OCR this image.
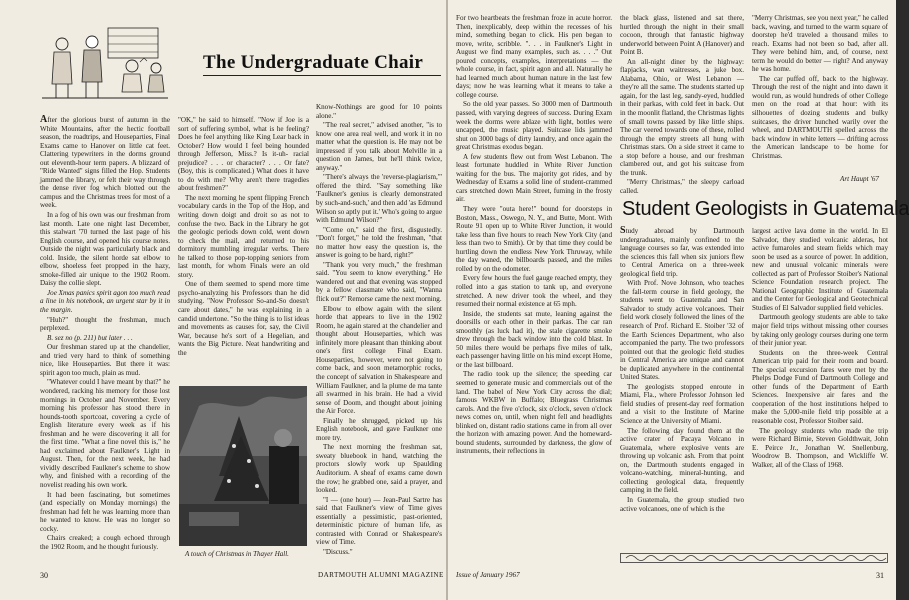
The Undergraduate Chair

After the glorious burst of autumn in the White Mountains, after the hectic football season, the roadtrips, and Houseparties, Final Exams came to Hanover on little cat feet. Clattering typewriters in the dorms ground out eleventh-hour term papers. A blizzard of "Ride Wanted" signs filled the Hop. Students jammed the library, or felt their way through the dense river fog which blotted out the campus and the Christmas trees for most of a week.

In a fog of his own was our freshman from last month. Late one night last December, this stalwart '70 turned the last page of his English course, and opened his course notes. Outside the night was particularly black and cold. Inside, the silent horde sat elbow to elbow, shoeless feet propped in the hazy, smoke-filled air unique to the 1902 Room. Daisy the collie slept.

Joe Xmas panics spirit agon too much read a line in his notebook, an urgent star by it in the margin.

"Huh?" thought the freshman, much perplexed.

B. sez no (p. 211) but later . . .

Our freshman stared up at the chandelier, and tried very hard to think of something nice, like Houseparties. But there it was: spirit agon too much, plain as mud.

"Whatever could I have meant by that?" he wondered, racking his memory for those lost mornings in October and November. Every morning his professor has stood there in hounds-tooth sportcoat, covering a cycle of English literature every week as if his freshman and he were discovering it all for the first time. "What a fine novel this is," he had exclaimed about Faulkner's Light in August. Then, for the next week, he had vividly described Faulkner's scheme to show why, and finished with a recording of the novelist reading his own work.

It had been fascinating, but sometimes (and especially on Monday mornings) the freshman had felt he was learning more than he wanted to know. He was no longer so cocky.

Chairs creaked; a cough echoed through the 1902 Room, and he thought furiously.

"OK," he said to himself. "Now if Joe is a sort of suffering symbol, what is he feeling? Does he feel anything like King Lear back in October? How would I feel being hounded through Jefferson, Miss.? Is it-uh- racial prejudice? . . . or character? . . . Or fate? (Boy, this is complicated.) What does it have to do with me? Why aren't there tragedies about freshmen?"

The next morning he spent flipping French vocabulary cards in the Top of the Hop, and writing down doigt and droit so as not to confuse the two. Back in the Library he got the geologic periods down cold, went down to check the mail, and returned to his dormitory mumbling irregular verbs. There he talked to those pop-topping seniors from last month, for whom Finals were an old story.

One of them seemed to spend more time psycho-analyzing his Professors than he did studying. "Now Professor So-and-So doesn't care about dates," he was explaining in a candid undertone. "So the thing is to list ideas and movements as causes for, say, the Civil War, because he's sort of a Hegelian, and wants the Big Picture. Neat handwriting and the

A touch of Christmas in Thayer Hall.

Know-Nothings are good for 10 points alone."

"The real secret," advised another, "is to know one area real well, and work it in no matter what the question is. He may not be impressed if you talk about Melville in a question on James, but he'll think twice, anyway."

"There's always the 'reverse-plagiarism,'" offered the third. "Say something like 'Faulkner's genius is clearly demonstrated by such-and-such,' and then add 'as Edmund Wilson so aptly put it.' Who's going to argue with Edmund Wilson?"

"Come on," said the first, disgustedly. "Don't forget," he told the freshman, "that no matter how easy the question is, the answer is going to be hard, right?"

"Thank you very much," the freshman said. "You seem to know everything." He wandered out and that evening was stopped by a fellow classmate who said, "Wanna flick out?" Remorse came the next morning.

Elbow to elbow again with the silent horde that appears to live in the 1902 Room, he again stared at the chandelier and thought about Houseparties, which was infinitely more pleasant than thinking about one's first college Final Exam. Houseparties, however, were not going to come back, and soon metamorphic rocks, the concept of salvation in Shakespeare and William Faulkner, and la plume de ma tante all swarmed in his brain. He had a vivid sense of Doom, and thought about joining the Air Force.

Finally he shrugged, picked up his English notebook, and gave Faulkner one more try.

The next morning the freshman sat, sweaty bluebook in hand, watching the proctors slowly work up Spaulding Auditorium. A sheaf of exams came down the row; he grabbed one, said a prayer, and looked.

"I — (one hour) — Jean-Paul Sartre has said that Faulkner's view of Time gives essentially a pessimistic, past-oriented, deterministic picture of human life, as contrasted with Conrad or Shakespeare's view of Time.

"Discuss."

30	DARTMOUTH ALUMNI MAGAZINE

For two heartbeats the freshman froze in acute horror. Then, inexplicably, deep within the recesses of his mind, something began to click. His pen began to move, write, scribble. ". . . in Faulkner's Light in August we find many examples, such as. . . ." Out poured concepts, examples, interpretations — the whole course, in fact, spirit agon and all. Naturally he had learned much about human nature in the last few days; now he was learning what it means to take a college course.

So the old year passes. So 3000 men of Dartmouth passed, with varying degrees of success. During Exam week the dorms were ablaze with light, bottles were uncapped, the music played. Suitcase lids jammed shut on 3000 bags of dirty laundry, and once again the great Christmas exodus began.

A few students flew out from West Lebanon. The least fortunate huddled in White River Junction waiting for the bus. The majority got rides, and by Wednesday of Exams a solid line of student-crammed cars stretched down Main Street, fuming in the frosty air.

They were "outa here!" bound for doorsteps in Boston, Mass., Oswego, N. Y., and Butte, Mont. With Route 91 open up to White River Junction, it would take less than five hours to reach New York City (and less than two to Smith). Or by that time they could be hurtling down the endless New York Thruway, while the day waned, the billboards passed, and the miles rolled by on the odometer.

Every few hours the fuel gauge reached empty, they rolled into a gas station to tank up, and everyone stretched. A new driver took the wheel, and they resumed their normal existence at 65 mph.

Inside, the students sat mute, leaning against the doorsills or each other in their parkas. The car ran smoothly (as luck had it), the stale cigarette smoke drew through the back window into the cold blast. In 50 miles there would be perhaps five miles of talk, each passenger having little on his mind except Home, or the last billboard.

The radio took up the silence; the speeding car seemed to generate music and commercials out of the land. The babel of New York City across the dial; famous WKBW in Buffalo; Bluegrass Christmas carols. And the five o'clock, six o'clock, seven o'clock news comes on, until, when night fell and headlights blinked on, distant radio stations came in from all over the horizon with amazing power. And the homeward-bound students, surrounded by darkness, the glow of instruments, their reflections in

the black glass, listened and sat there, hurtled through the night in their small cocoon, through that fantastic highway underworld between Point A (Hanover) and Point B.

An all-night diner by the highway: flapjacks, wan waitresses, a juke box. Alabama, Ohio, or West Lebanon — they're all the same. The students started up again, for the last leg, sandy-eyed, huddled in their parkas, with cold feet in back. Out in the moonlit flatland, the Christmas lights of small towns passed by like little ships. The car veered towards one of these, rolled through the empty streets all hung with Christmas stars. On a side street it came to a stop before a house, and our freshman clambered out, and got his suitcase from the trunk.

"Merry Christmas," the sleepy carload called.

"Merry Christmas, see you next year," he called back, waving, and turned to the warm square of doorstep he'd traveled a thousand miles to reach. Exams had not been so bad, after all. They were behind him, and, of course, next term he would do better — right? And anyway he was home.

The car puffed off, back to the highway. Through the rest of the night and into dawn it would run, as would hundreds of other College men on the road at that hour: with its silhouettes of dozing students and bulky suitcases, the driver hunched warily over the wheel, and DARTMOUTH spelled across the back window in white letters — drifting across the American landscape to be home for Christmas.

Art Haupt '67
Student Geologists in Guatemala

Study abroad by Dartmouth undergraduates, mainly confined to the language courses so far, was extended into the sciences this fall when six juniors flew to Central America on a three-week geological field trip.

With Prof. Nove Johnson, who teaches the fall-term course in field geology, the students went to Guatemala and San Salvador to study active volcanoes. Their field work closely followed the lines of the research of Prof. Richard E. Stoiber '32 of the Earth Sciences Department, who also accompanied the party. The two professors pointed out that the geologic field studies in Central America are unique and cannot be duplicated anywhere in the continental United States.

The geologists stopped enroute in Miami, Fla., where Professor Johnson led field studies of present-day reef formation and a visit to the Institute of Marine Science at the University of Miami.

The following day found them at the active crater of Pacaya Volcano in Guatemala, where explosive vents are throwing up volcanic ash. From that point on, the Dartmouth students engaged in volcano-watching, mineral-hunting, and collecting geological data, frequently camping in the field.

In Guatemala, the group studied two active volcanoes, one of which is the

largest active lava dome in the world. In El Salvador, they studied volcanic alderas, hot active fumaroles and steam fields which may soon be used as a source of power. In addition, new and unusual volcanic minerals were collected as part of Professor Stoiber's National Science Foundation research project. The National Geographic Institute of Guatemala and the Center for Geological and Geotechnical Studies of El Salvador supplied field vehicles.

Dartmouth geology students are able to take major field trips without missing other courses by taking only geology courses during one term of their junior year.

Students on the three-week Central American trip paid for their room and board. The special excursion fares were met by the Phelps Dodge Fund of Dartmouth College and other funds of the Department of Earth Sciences. Inexpensive air fares and the cooperation of the host institutions helped to make the 5,000-mile field trip possible at a reasonable cost, Professor Stoiber said.

The geology students who made the trip were Richard Birnie, Steven Goldthwait, John E. Peirce Jr., Jonathan W. Snellenburg, Woodrow B. Thompson, and Wickliffe W. Walker, all of the Class of 1968.

Issue of January 1967	31
